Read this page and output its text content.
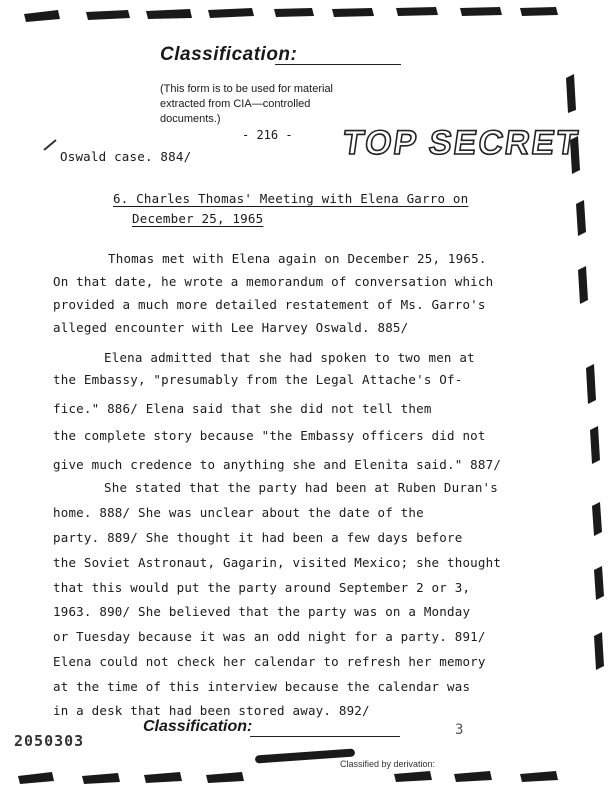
Classification:
(This form is to be used for material extracted from CIA—controlled documents.)
- 216 - TOP SECRET
Oswald case. 884/
6. Charles Thomas' Meeting with Elena Garro on
December 25, 1965
Thomas met with Elena again on December 25, 1965.
On that date, he wrote a memorandum of conversation which
provided a much more detailed restatement of Ms. Garro's
alleged encounter with Lee Harvey Oswald. 885/
Elena admitted that she had spoken to two men at
the Embassy, "presumably from the Legal Attache's Of-
fice." 886/ Elena said that she did not tell them
the complete story because "the Embassy officers did not
give much credence to anything she and Elenita said." 887/
She stated that the party had been at Ruben Duran's
home. 888/ She was unclear about the date of the
party. 889/ She thought it had been a few days before
the Soviet Astronaut, Gagarin, visited Mexico; she thought
that this would put the party around September 2 or 3,
1963. 890/ She believed that the party was on a Monday
or Tuesday because it was an odd night for a party. 891/
Elena could not check her calendar to refresh her memory
at the time of this interview because the calendar was
in a desk that had been stored away. 892/
2050303
Classification:	3
Classified by derivation:
